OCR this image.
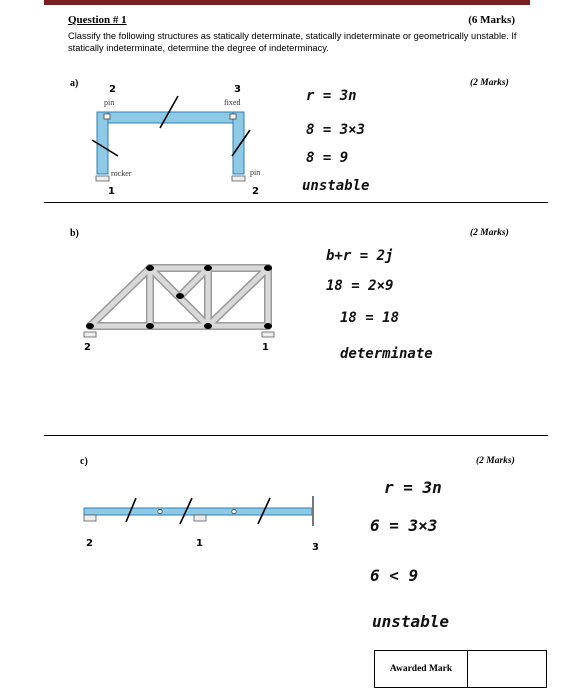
Question # 1	(6 Marks)
Classify the following structures as statically determinate, statically indeterminate or geometrically unstable. If statically indeterminate, determine the degree of indeterminacy.
a)	(2 Marks)
2	3
pin	fixed
rocker	pin
1	2
r = 3n
8 = 3×3
8 = 9
unstable
b)	(2 Marks)
2	1
b+r = 2j
18 = 2×9
18 = 18
determinate
c)	(2 Marks)
2	1	3
r = 3n
6 = 3×3
6 < 9
unstable
Awarded Mark
